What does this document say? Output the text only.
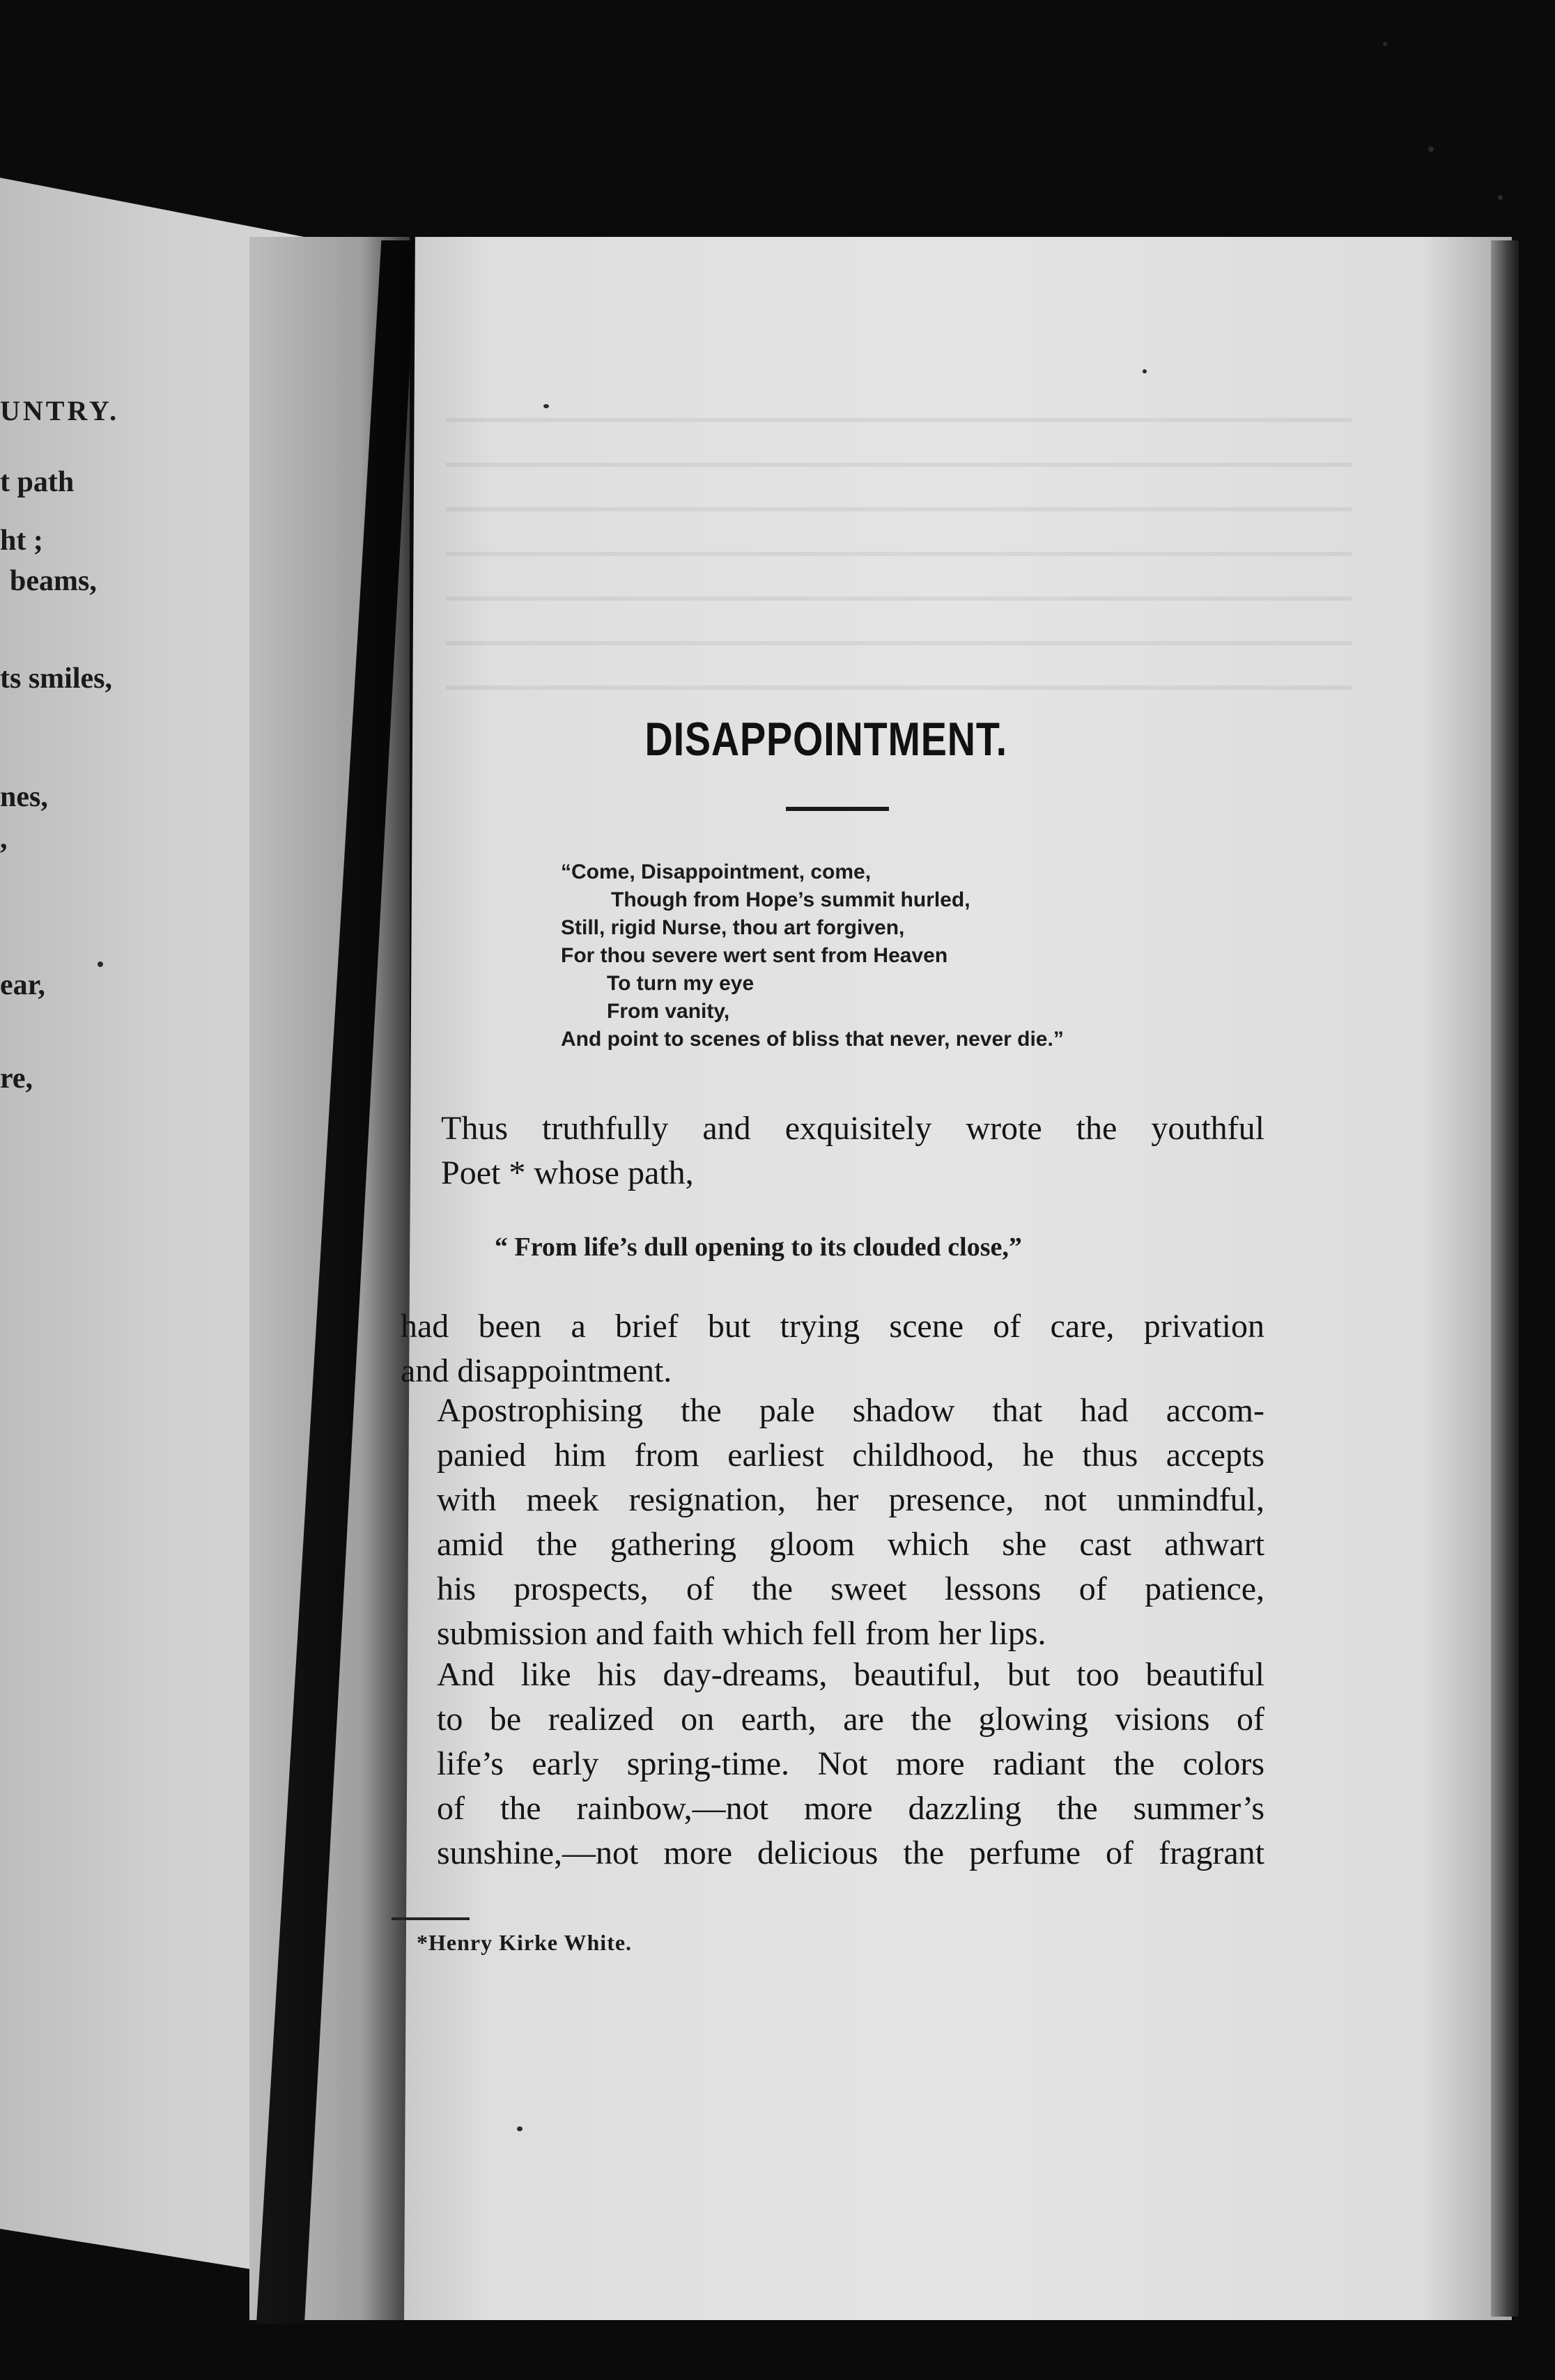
UNTRY.
t path
ht ;
beams,
ts smiles,
nes,
,
ear,
re,
DISAPPOINTMENT.
“Come, Disappointment, come,
Though from Hope’s summit hurled,
Still, rigid Nurse, thou art forgiven,
For thou severe wert sent from Heaven
To turn my eye
From vanity,
And point to scenes of bliss that never, never die.”
Thus truthfully and exquisitely wrote the youthful
Poet * whose path,
“ From life’s dull opening to its clouded close,”
had been a brief but trying scene of care, privation
and disappointment.
Apostrophising the pale shadow that had accom-
panied him from earliest childhood, he thus accepts
with meek resignation, her presence, not unmindful,
amid the gathering gloom which she cast athwart
his prospects, of the sweet lessons of patience,
submission and faith which fell from her lips.
And like his day-dreams, beautiful, but too beautiful
to be realized on earth, are the glowing visions of
life’s early spring-time. Not more radiant the colors
of the rainbow,—not more dazzling the summer’s
sunshine,—not more delicious the perfume of fragrant
*Henry Kirke White.
